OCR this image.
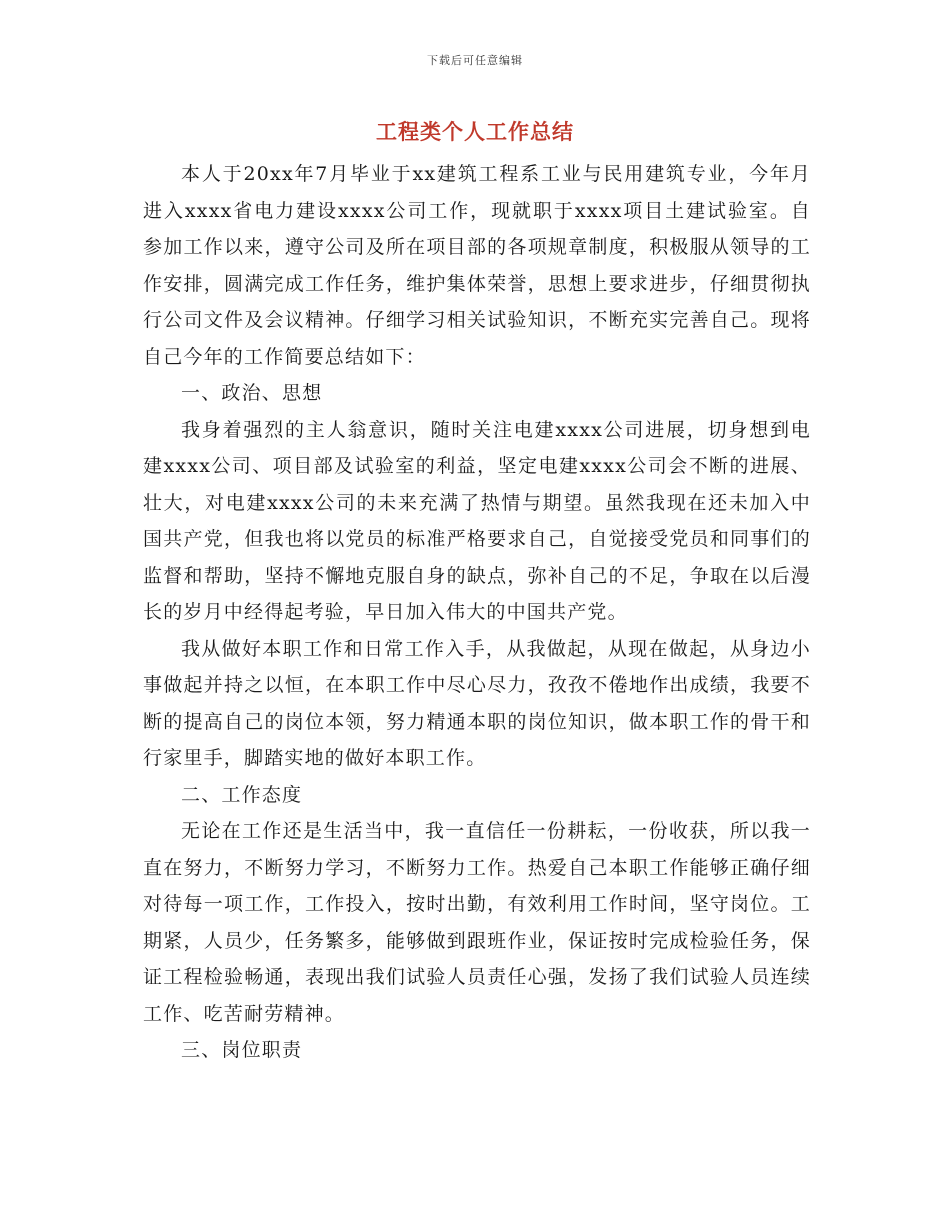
下载后可任意编辑
工程类个人工作总结

本人于20xx年7月毕业于xx建筑工程系工业与民用建筑专业，今年月进入xxxx省电力建设xxxx公司工作，现就职于xxxx项目土建试验室。自参加工作以来，遵守公司及所在项目部的各项规章制度，积极服从领导的工作安排，圆满完成工作任务，维护集体荣誉，思想上要求进步，仔细贯彻执行公司文件及会议精神。仔细学习相关试验知识，不断充实完善自己。现将自己今年的工作简要总结如下：

一、政治、思想

我身着强烈的主人翁意识，随时关注电建xxxx公司进展，切身想到电建xxxx公司、项目部及试验室的利益，坚定电建xxxx公司会不断的进展、壮大，对电建xxxx公司的未来充满了热情与期望。虽然我现在还未加入中国共产党，但我也将以党员的标准严格要求自己，自觉接受党员和同事们的监督和帮助，坚持不懈地克服自身的缺点，弥补自己的不足，争取在以后漫长的岁月中经得起考验，早日加入伟大的中国共产党。

我从做好本职工作和日常工作入手，从我做起，从现在做起，从身边小事做起并持之以恒，在本职工作中尽心尽力，孜孜不倦地作出成绩，我要不断的提高自己的岗位本领，努力精通本职的岗位知识，做本职工作的骨干和行家里手，脚踏实地的做好本职工作。

二、工作态度

无论在工作还是生活当中，我一直信任一份耕耘，一份收获，所以我一直在努力，不断努力学习，不断努力工作。热爱自己本职工作能够正确仔细对待每一项工作，工作投入，按时出勤，有效利用工作时间，坚守岗位。工期紧，人员少，任务繁多，能够做到跟班作业，保证按时完成检验任务，保证工程检验畅通，表现出我们试验人员责任心强，发扬了我们试验人员连续工作、吃苦耐劳精神。

三、岗位职责
